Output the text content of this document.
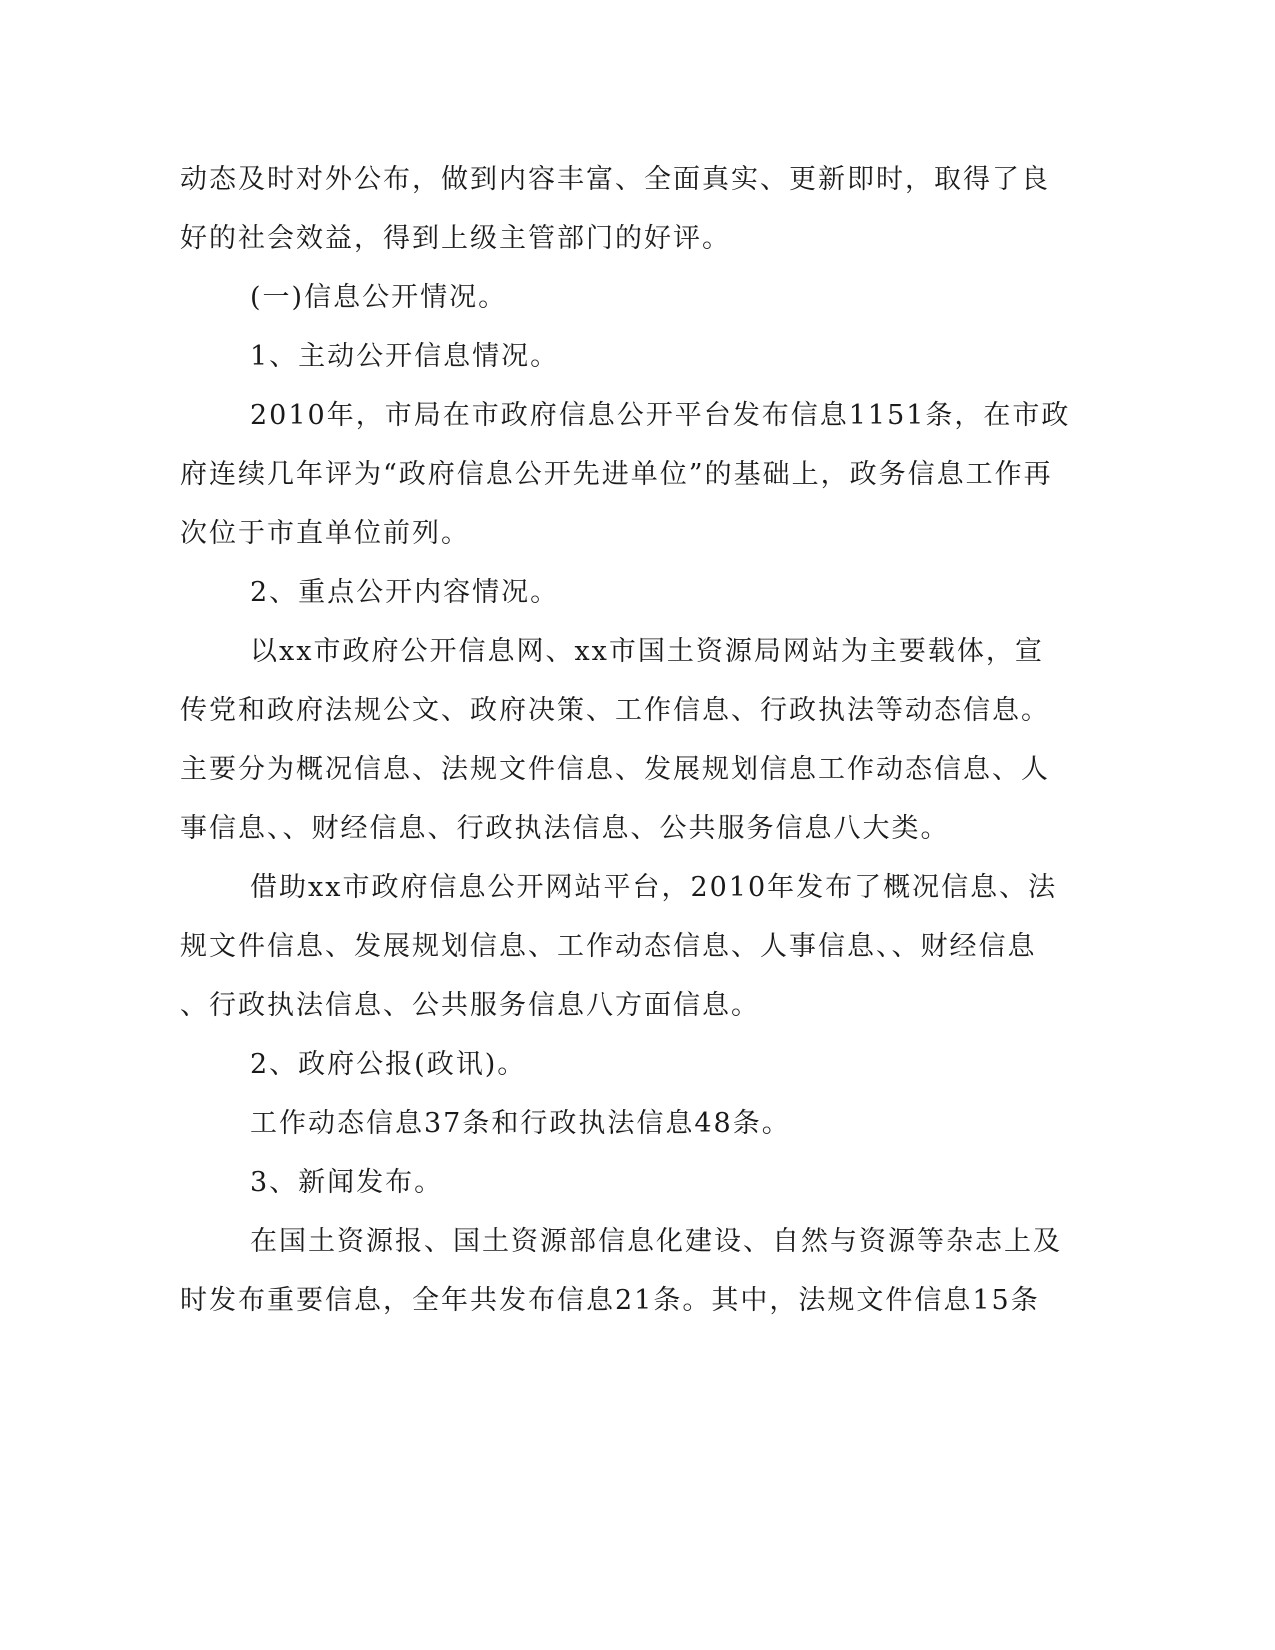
动态及时对外公布，做到内容丰富、全面真实、更新即时，取得了良

好的社会效益，得到上级主管部门的好评。

(一)信息公开情况。

1、主动公开信息情况。

2010年，市局在市政府信息公开平台发布信息1151条，在市政

府连续几年评为“政府信息公开先进单位”的基础上，政务信息工作再

次位于市直单位前列。

2、重点公开内容情况。

以xx市政府公开信息网、xx市国土资源局网站为主要载体，宣

传党和政府法规公文、政府决策、工作信息、行政执法等动态信息。

主要分为概况信息、法规文件信息、发展规划信息工作动态信息、人

事信息、、财经信息、行政执法信息、公共服务信息八大类。

借助xx市政府信息公开网站平台，2010年发布了概况信息、法

规文件信息、发展规划信息、工作动态信息、人事信息、、财经信息

、行政执法信息、公共服务信息八方面信息。

2、政府公报(政讯)。

工作动态信息37条和行政执法信息48条。

3、新闻发布。

在国土资源报、国土资源部信息化建设、自然与资源等杂志上及

时发布重要信息，全年共发布信息21条。其中，法规文件信息15条
